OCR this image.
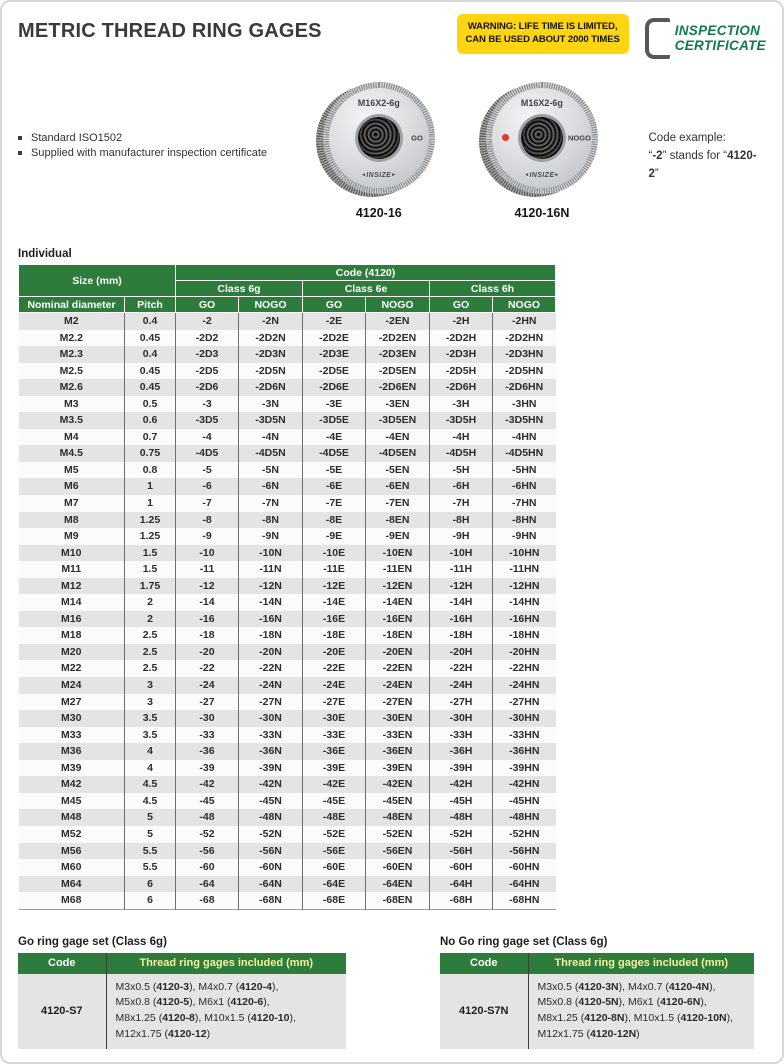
METRIC THREAD RING GAGES	WARNING: LIFE TIME IS LIMITED,
CAN BE USED ABOUT 2000 TIMES
INSPECTION
CERTIFICATE
Standard ISO1502
Supplied with manufacturer inspection certificate
M16X2-6g
GO
◄ INSIZE ►
4120-16
M16X2-6g
NOGO
◄ INSIZE ►
4120-16N
Code example:
“-2” stands for “4120-2”
Individual
Size (mm)		Code (4120)					
		Class 6g		Class 6e		Class 6h	
Nominal diameter	Pitch	GO	NOGO	GO	NOGO	GO	NOGO
M2	0.4	-2	-2N	-2E	-2EN	-2H	-2HN
M2.2	0.45	-2D2	-2D2N	-2D2E	-2D2EN	-2D2H	-2D2HN
M2.3	0.4	-2D3	-2D3N	-2D3E	-2D3EN	-2D3H	-2D3HN
M2.5	0.45	-2D5	-2D5N	-2D5E	-2D5EN	-2D5H	-2D5HN
M2.6	0.45	-2D6	-2D6N	-2D6E	-2D6EN	-2D6H	-2D6HN
M3	0.5	-3	-3N	-3E	-3EN	-3H	-3HN
M3.5	0.6	-3D5	-3D5N	-3D5E	-3D5EN	-3D5H	-3D5HN
M4	0.7	-4	-4N	-4E	-4EN	-4H	-4HN
M4.5	0.75	-4D5	-4D5N	-4D5E	-4D5EN	-4D5H	-4D5HN
M5	0.8	-5	-5N	-5E	-5EN	-5H	-5HN
M6	1	-6	-6N	-6E	-6EN	-6H	-6HN
M7	1	-7	-7N	-7E	-7EN	-7H	-7HN
M8	1.25	-8	-8N	-8E	-8EN	-8H	-8HN
M9	1.25	-9	-9N	-9E	-9EN	-9H	-9HN
M10	1.5	-10	-10N	-10E	-10EN	-10H	-10HN
M11	1.5	-11	-11N	-11E	-11EN	-11H	-11HN
M12	1.75	-12	-12N	-12E	-12EN	-12H	-12HN
M14	2	-14	-14N	-14E	-14EN	-14H	-14HN
M16	2	-16	-16N	-16E	-16EN	-16H	-16HN
M18	2.5	-18	-18N	-18E	-18EN	-18H	-18HN
M20	2.5	-20	-20N	-20E	-20EN	-20H	-20HN
M22	2.5	-22	-22N	-22E	-22EN	-22H	-22HN
M24	3	-24	-24N	-24E	-24EN	-24H	-24HN
M27	3	-27	-27N	-27E	-27EN	-27H	-27HN
M30	3.5	-30	-30N	-30E	-30EN	-30H	-30HN
M33	3.5	-33	-33N	-33E	-33EN	-33H	-33HN
M36	4	-36	-36N	-36E	-36EN	-36H	-36HN
M39	4	-39	-39N	-39E	-39EN	-39H	-39HN
M42	4.5	-42	-42N	-42E	-42EN	-42H	-42HN
M45	4.5	-45	-45N	-45E	-45EN	-45H	-45HN
M48	5	-48	-48N	-48E	-48EN	-48H	-48HN
M52	5	-52	-52N	-52E	-52EN	-52H	-52HN
M56	5.5	-56	-56N	-56E	-56EN	-56H	-56HN
M60	5.5	-60	-60N	-60E	-60EN	-60H	-60HN
M64	6	-64	-64N	-64E	-64EN	-64H	-64HN
M68	6	-68	-68N	-68E	-68EN	-68H	-68HN
Go ring gage set (Class 6g)
Code	Thread ring gages included (mm)
4120-S7	M3x0.5 (4120-3), M4x0.7 (4120-4),
M5x0.8 (4120-5), M6x1 (4120-6),
M8x1.25 (4120-8), M10x1.5 (4120-10),
M12x1.75 (4120-12)
No Go ring gage set (Class 6g)
Code	Thread ring gages included (mm)
4120-S7N	M3x0.5 (4120-3N), M4x0.7 (4120-4N),
M5x0.8 (4120-5N), M6x1 (4120-6N),
M8x1.25 (4120-8N), M10x1.5 (4120-10N),
M12x1.75 (4120-12N)
